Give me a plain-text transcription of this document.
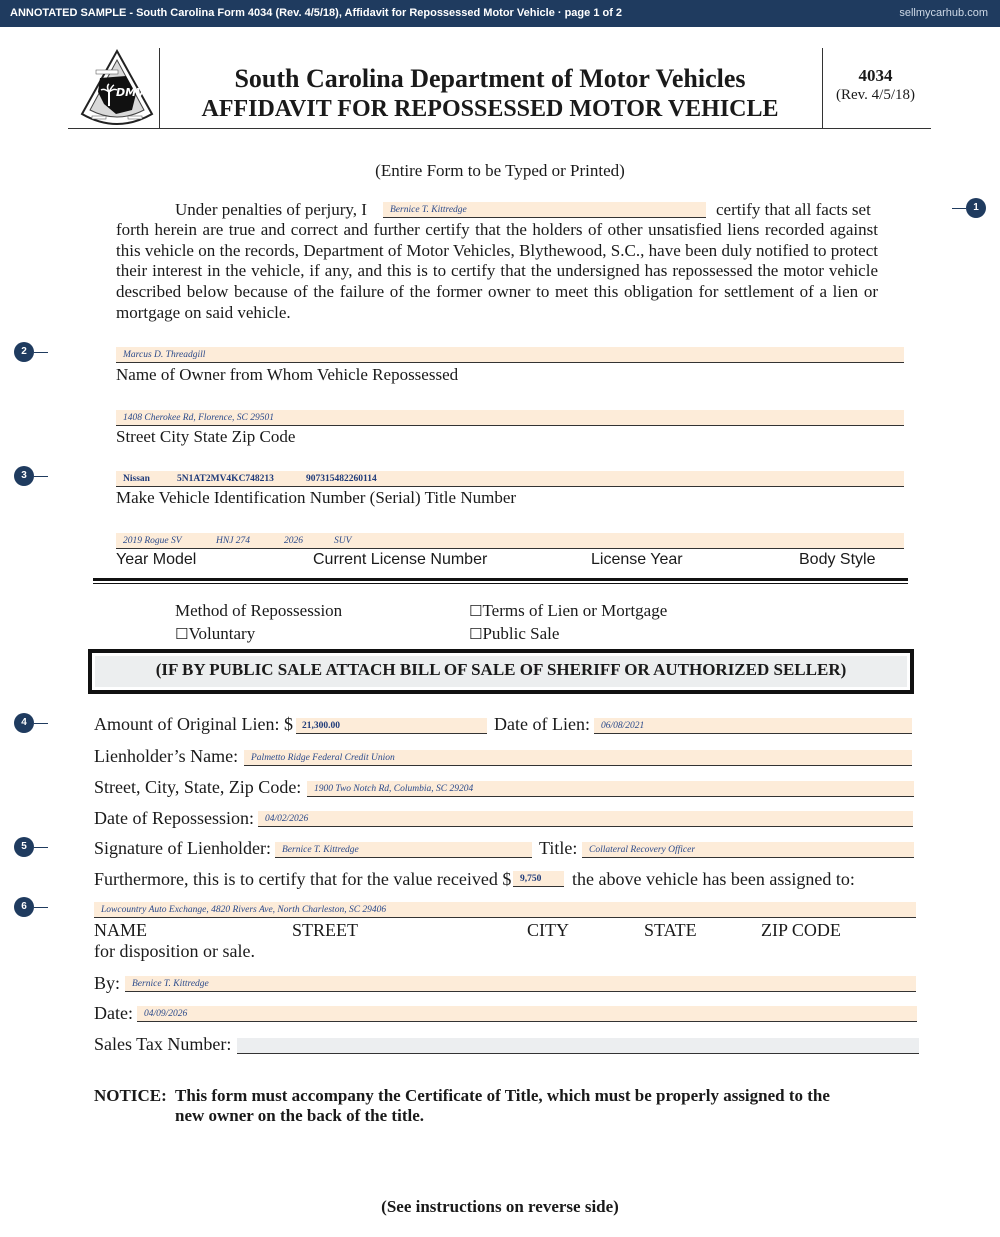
ANNOTATED SAMPLE - South Carolina Form 4034 (Rev. 4/5/18), Affidavit for Repossessed Motor Vehicle · page 1 of 2	sellmycarhub.com
DMV	South Carolina Department of Motor Vehicles
AFFIDAVIT FOR REPOSSESSED MOTOR VEHICLE
4034
(Rev. 4/5/18)
(Entire Form to be Typed or Printed)
Under penalties of perjury, I Bernice T. Kittredge	certify that all facts set
forth herein are true and correct and further certify that the holders of other unsatisfied liens recorded against this vehicle on the records, Department of Motor Vehicles, Blythewood, S.C., have been duly notified to protect their interest in the vehicle, if any, and this is to certify that the undersigned has repossessed the motor vehicle described below because of the failure of the former owner to meet this obligation for settlement of a lien or mortgage on said vehicle.
1
2
3
4
5
6
Marcus D. Threadgill
Name of Owner from Whom Vehicle Repossessed
1408 Cherokee Rd, Florence, SC 29501
Street City State Zip Code
Nissan	5N1AT2MV4KC748213	907315482260114
Make Vehicle Identification Number (Serial) Title Number
2019 Rogue SV	HNJ 274	2026	SUV
Year Model	Current License Number	License Year	Body Style
Method of Repossession
☐Voluntary
☐Terms of Lien or Mortgage
☐Public Sale
(IF BY PUBLIC SALE ATTACH BILL OF SALE OF SHERIFF OR AUTHORIZED SELLER)
Amount of Original Lien: $ 21,300.00	Date of Lien: 06/08/2021
Lienholder’s Name: Palmetto Ridge Federal Credit Union
Street, City, State, Zip Code: 1900 Two Notch Rd, Columbia, SC 29204
Date of Repossession: 04/02/2026
Signature of Lienholder: Bernice T. Kittredge	Title: Collateral Recovery Officer
Furthermore, this is to certify that for the value received $ 9,750 the above vehicle has been assigned to:
Lowcountry Auto Exchange, 4820 Rivers Ave, North Charleston, SC 29406
NAME	STREET	CITY	STATE	ZIP CODE
for disposition or sale.
By: Bernice T. Kittredge
Date: 04/09/2026
Sales Tax Number:
NOTICE: This form must accompany the Certificate of Title, which must be properly assigned to the
new owner on the back of the title.
(See instructions on reverse side)
